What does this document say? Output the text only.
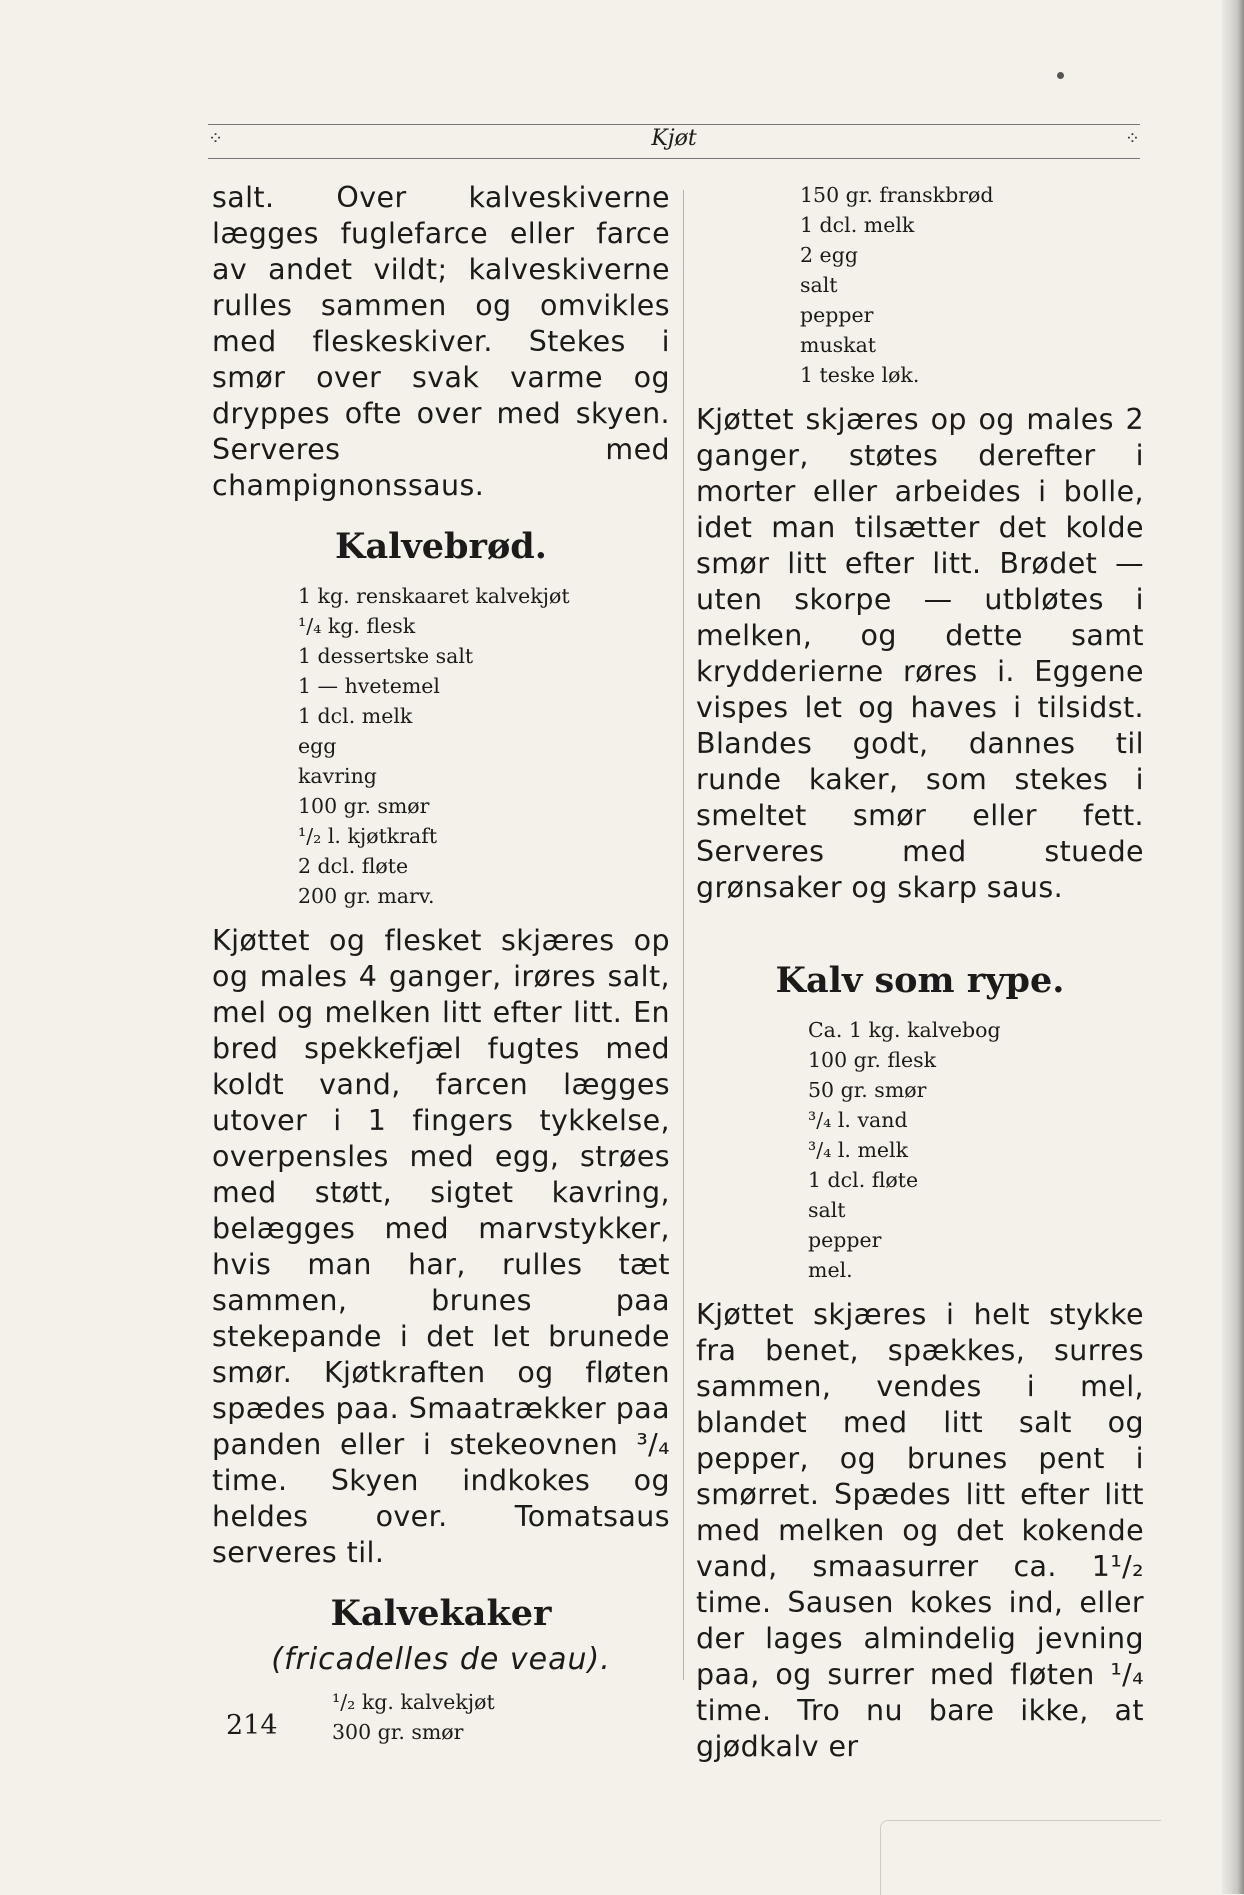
⁘	Kjøt	⁘

salt. Over kalveskiverne lægges fuglefarce eller farce av andet vildt; kalveskiverne rulles sammen og omvikles med fleskeskiver. Stekes i smør over svak varme og dryppes ofte over med skyen. Serveres med champignonssaus.

Kalvebrød.
1 kg. renskaaret kalvekjøt
¹/₄ kg. flesk
1 dessertske salt
1 — hvetemel
1 dcl. melk
egg
kavring
100 gr. smør
¹/₂ l. kjøtkraft
2 dcl. fløte
200 gr. marv.

Kjøttet og flesket skjæres op og males 4 ganger, irøres salt, mel og melken litt efter litt. En bred spekkefjæl fugtes med koldt vand, farcen lægges utover i 1 fingers tykkelse, overpensles med egg, strøes med støtt, sigtet kavring, belægges med marvstykker, hvis man har, rulles tæt sammen, brunes paa stekepande i det let brunede smør. Kjøtkraften og fløten spædes paa. Smaatrækker paa panden eller i stekeovnen ³/₄ time. Skyen indkokes og heldes over. Tomatsaus serveres til.

Kalvekaker
(fricadelles de veau).
¹/₂ kg. kalvekjøt
300 gr. smør
214
150 gr. franskbrød
1 dcl. melk
2 egg
salt
pepper
muskat
1 teske løk.

Kjøttet skjæres op og males 2 ganger, støtes derefter i morter eller arbeides i bolle, idet man tilsætter det kolde smør litt efter litt. Brødet — uten skorpe — utbløtes i melken, og dette samt krydderierne røres i. Eggene vispes let og haves i tilsidst. Blandes godt, dannes til runde kaker, som stekes i smeltet smør eller fett. Serveres med stuede grønsaker og skarp saus.

Kalv som rype.
Ca. 1 kg. kalvebog
100 gr. flesk
50 gr. smør
³/₄ l. vand
³/₄ l. melk
1 dcl. fløte
salt
pepper
mel.

Kjøttet skjæres i helt stykke fra benet, spækkes, surres sammen, vendes i mel, blandet med litt salt og pepper, og brunes pent i smørret. Spædes litt efter litt med melken og det kokende vand, smaasurrer ca. 1¹/₂ time. Sausen kokes ind, eller der lages almindelig jevning paa, og surrer med fløten ¹/₄ time. Tro nu bare ikke, at gjødkalv er
